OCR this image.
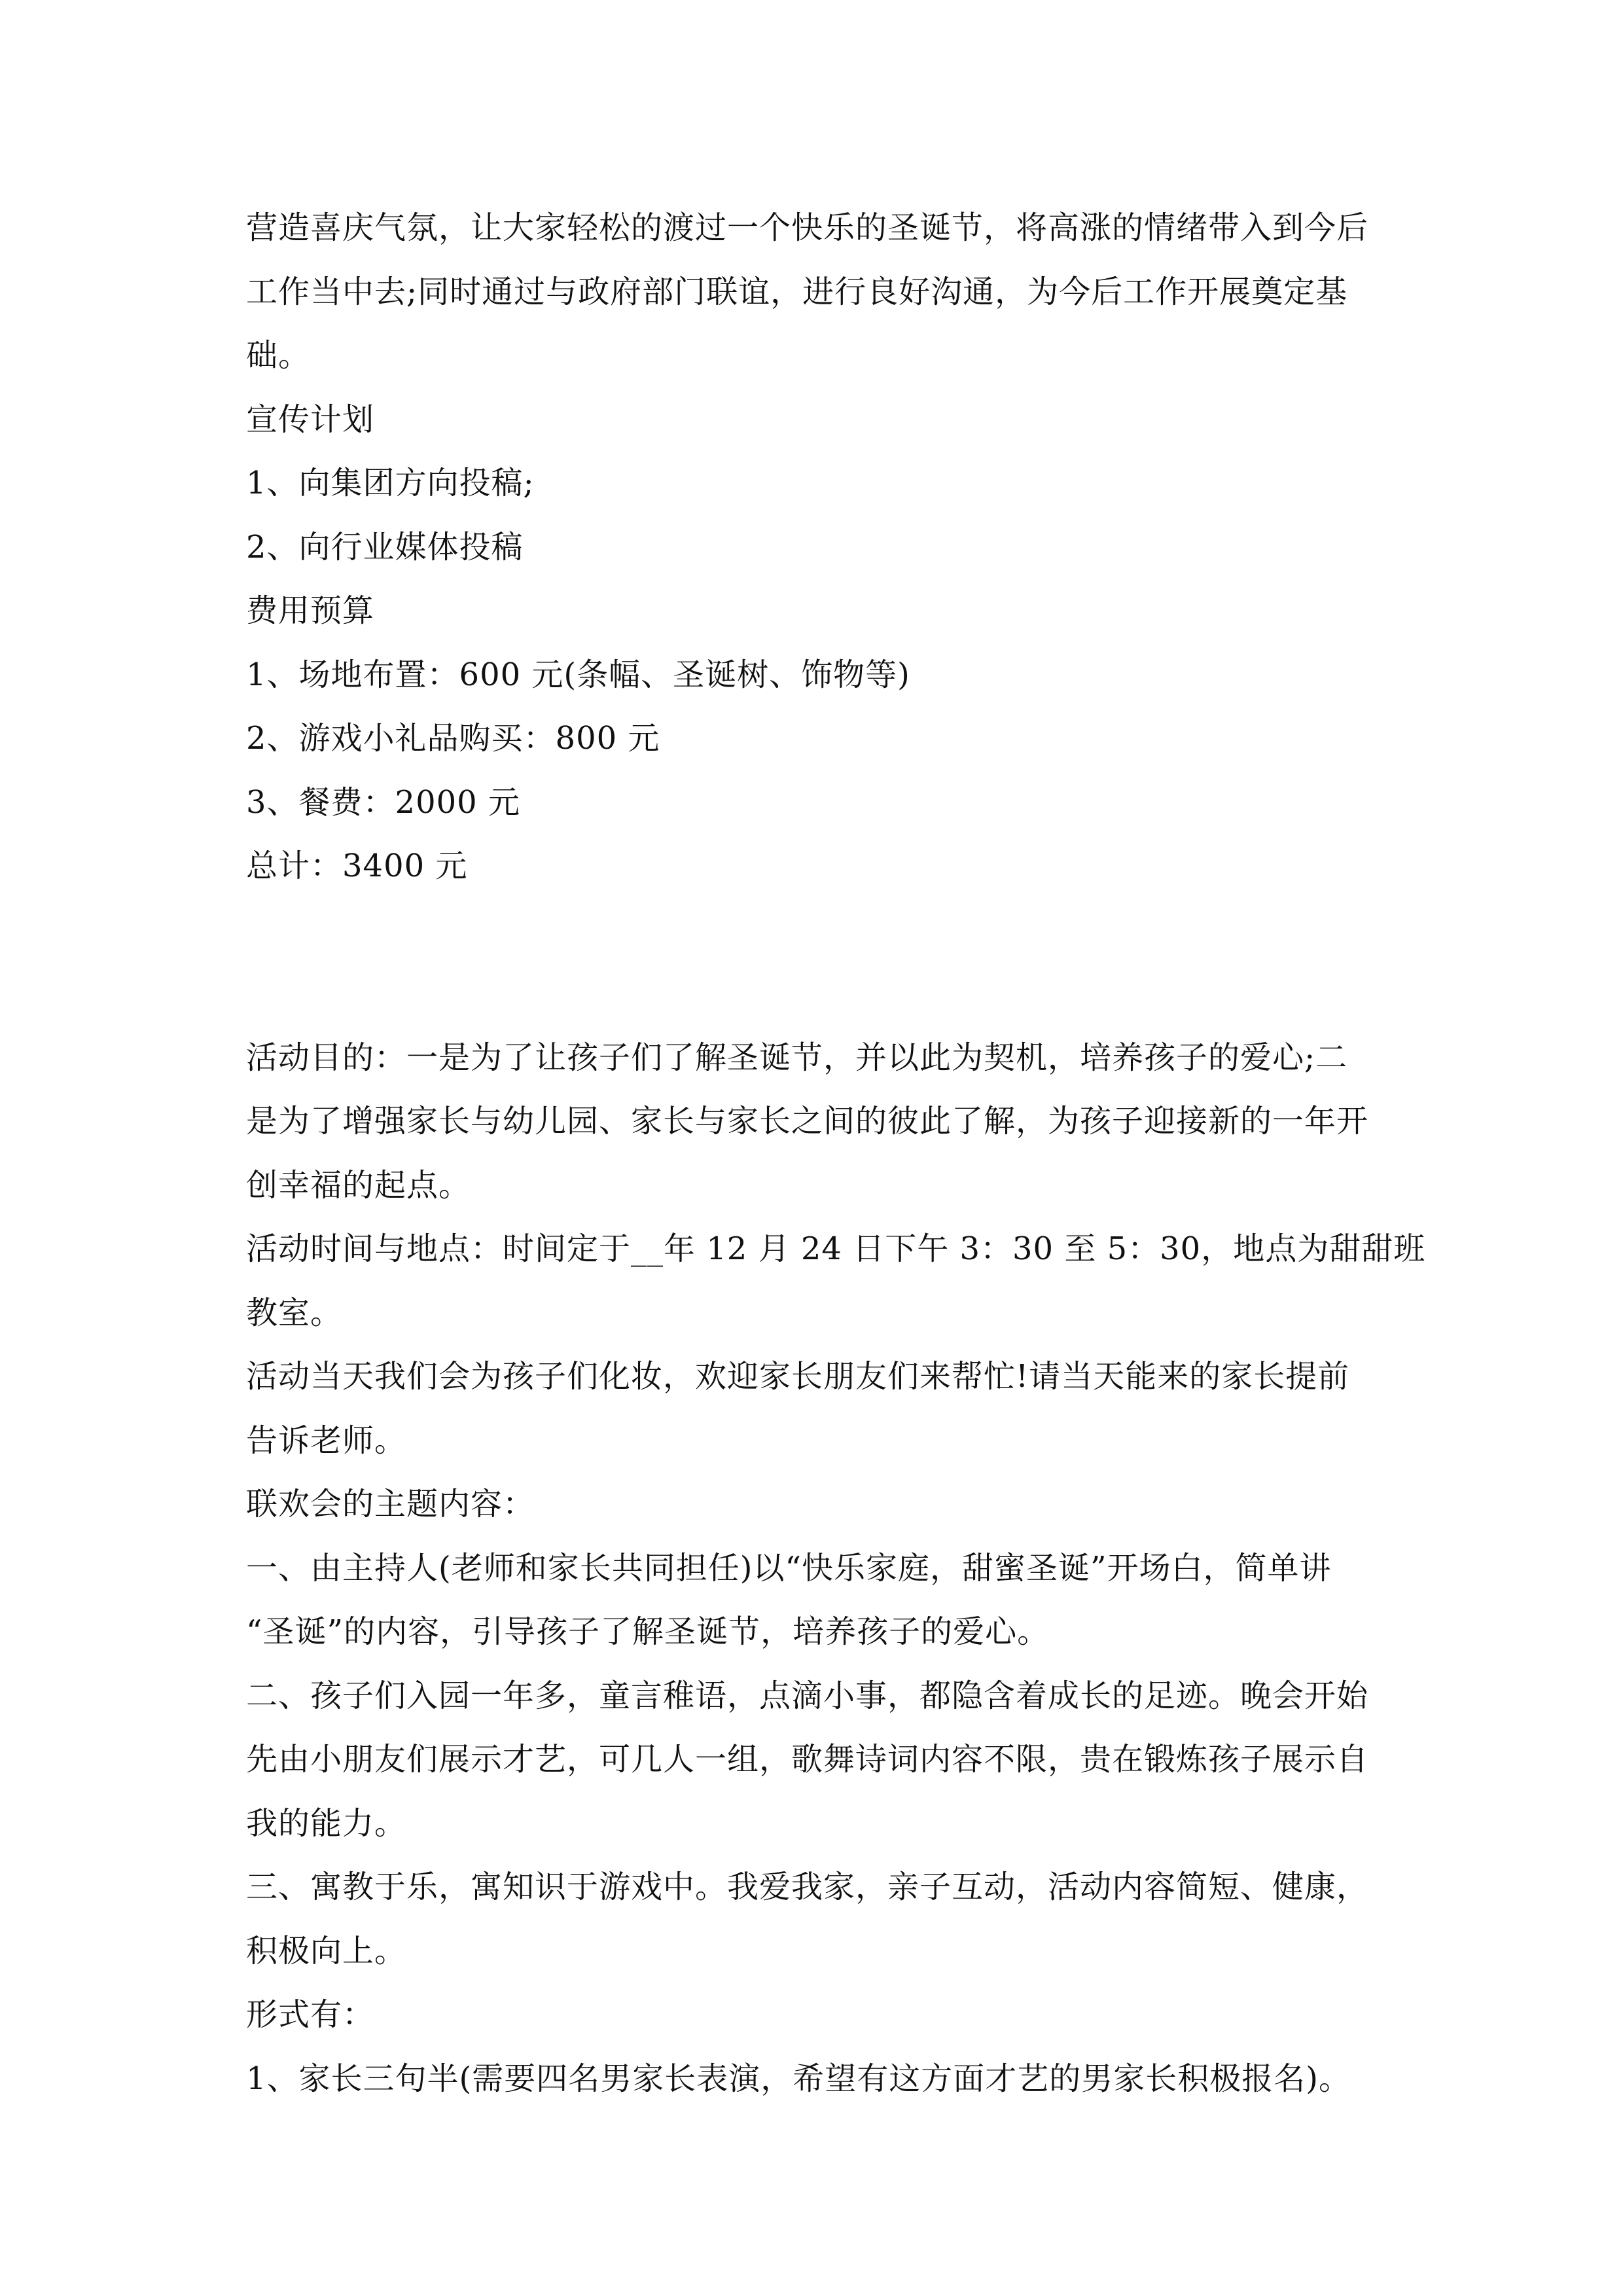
营造喜庆气氛，让大家轻松的渡过一个快乐的圣诞节，将高涨的情绪带入到今后
工作当中去;同时通过与政府部门联谊，进行良好沟通，为今后工作开展奠定基
础。
宣传计划
1、向集团方向投稿;
2、向行业媒体投稿
费用预算
1、场地布置：600 元(条幅、圣诞树、饰物等)
2、游戏小礼品购买：800 元
3、餐费：2000 元
总计：3400 元
活动目的：一是为了让孩子们了解圣诞节，并以此为契机，培养孩子的爱心;二
是为了增强家长与幼儿园、家长与家长之间的彼此了解，为孩子迎接新的一年开
创幸福的起点。
活动时间与地点：时间定于__年 12 月 24 日下午 3：30 至 5：30，地点为甜甜班
教室。
活动当天我们会为孩子们化妆，欢迎家长朋友们来帮忙!请当天能来的家长提前
告诉老师。
联欢会的主题内容：
一、由主持人(老师和家长共同担任)以“快乐家庭，甜蜜圣诞”开场白，简单讲
“圣诞”的内容，引导孩子了解圣诞节，培养孩子的爱心。
二、孩子们入园一年多，童言稚语，点滴小事，都隐含着成长的足迹。晚会开始
先由小朋友们展示才艺，可几人一组，歌舞诗词内容不限，贵在锻炼孩子展示自
我的能力。
三、寓教于乐，寓知识于游戏中。我爱我家，亲子互动，活动内容简短、健康，
积极向上。
形式有：
1、家长三句半(需要四名男家长表演，希望有这方面才艺的男家长积极报名)。
